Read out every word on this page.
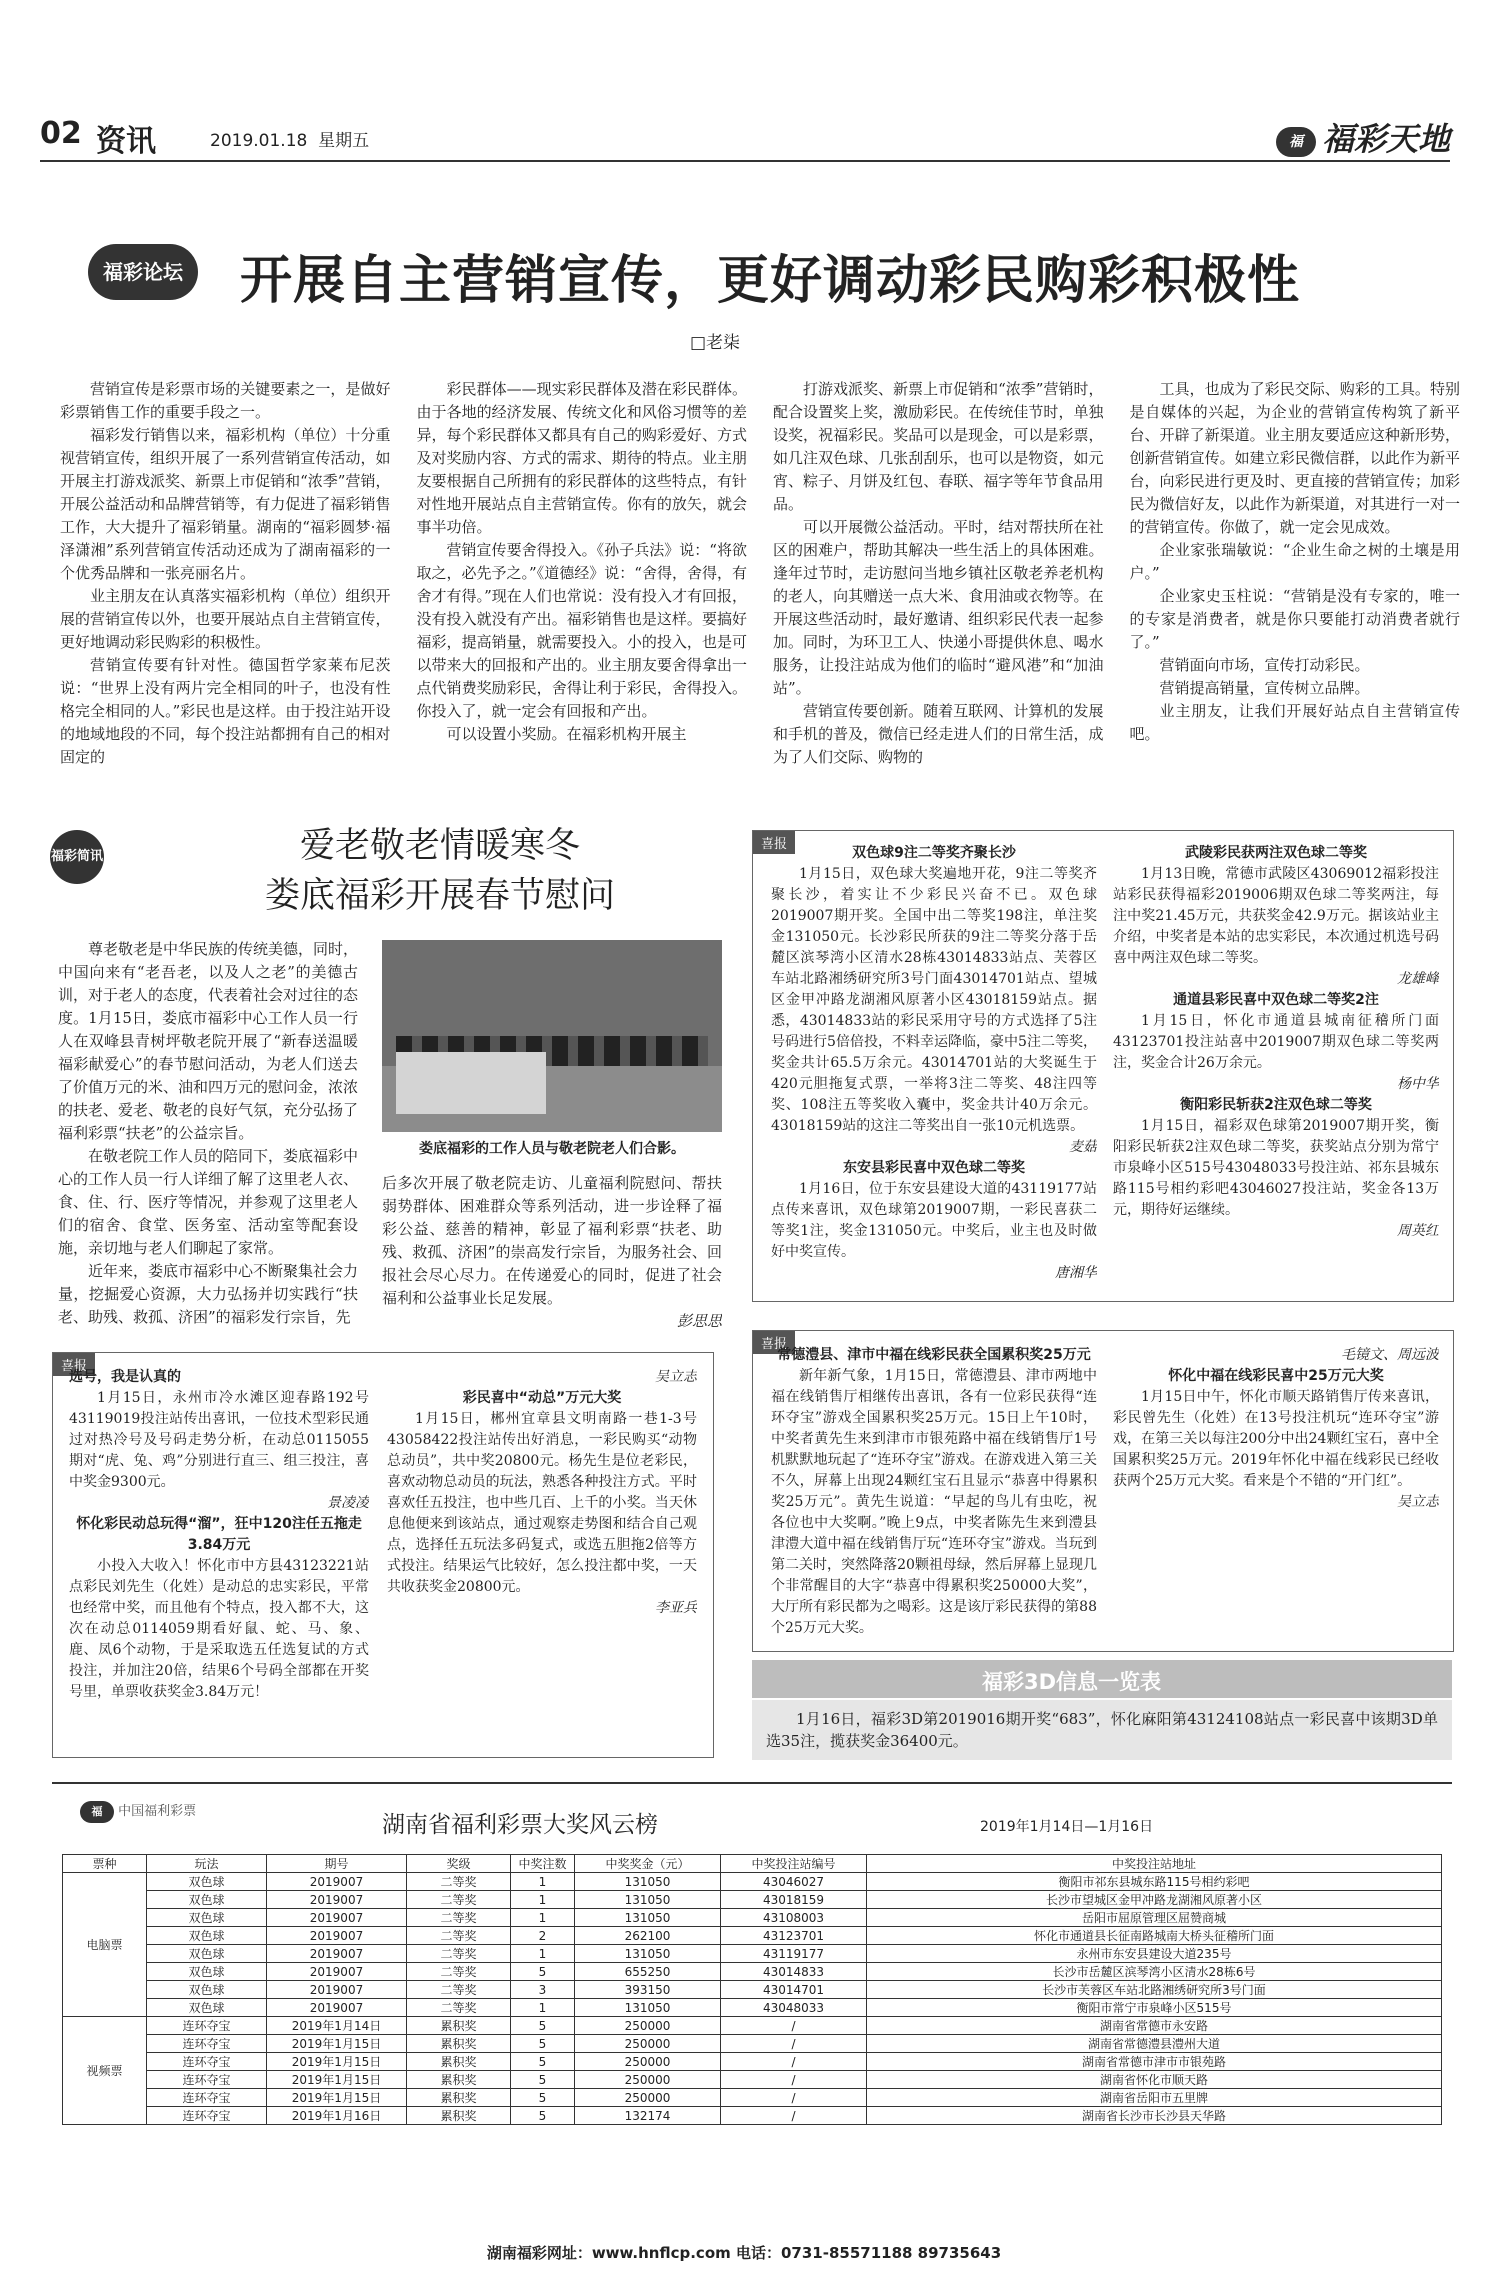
02 资讯	2019.01.18 星期五	福 福彩天地
福彩论坛 开展自主营销宣传，更好调动彩民购彩积极性
□老柒

营销宣传是彩票市场的关键要素之一，是做好彩票销售工作的重要手段之一。

福彩发行销售以来，福彩机构（单位）十分重视营销宣传，组织开展了一系列营销宣传活动，如开展主打游戏派奖、新票上市促销和“浓季”营销，开展公益活动和品牌营销等，有力促进了福彩销售工作，大大提升了福彩销量。湖南的“福彩圆梦·福泽潇湘”系列营销宣传活动还成为了湖南福彩的一个优秀品牌和一张亮丽名片。

业主朋友在认真落实福彩机构（单位）组织开展的营销宣传以外，也要开展站点自主营销宣传，更好地调动彩民购彩的积极性。

营销宣传要有针对性。德国哲学家莱布尼茨说：“世界上没有两片完全相同的叶子，也没有性格完全相同的人。”彩民也是这样。由于投注站开设的地域地段的不同，每个投注站都拥有自己的相对固定的

彩民群体——现实彩民群体及潜在彩民群体。由于各地的经济发展、传统文化和风俗习惯等的差异，每个彩民群体又都具有自己的购彩爱好、方式及对奖励内容、方式的需求、期待的特点。业主朋友要根据自己所拥有的彩民群体的这些特点，有针对性地开展站点自主营销宣传。你有的放矢，就会事半功倍。

营销宣传要舍得投入。《孙子兵法》说：“将欲取之，必先予之。”《道德经》说：“舍得，舍得，有舍才有得。”现在人们也常说：没有投入才有回报，没有投入就没有产出。福彩销售也是这样。要搞好福彩，提高销量，就需要投入。小的投入，也是可以带来大的回报和产出的。业主朋友要舍得拿出一点代销费奖励彩民，舍得让利于彩民，舍得投入。你投入了，就一定会有回报和产出。

可以设置小奖励。在福彩机构开展主

打游戏派奖、新票上市促销和“浓季”营销时，配合设置奖上奖，激励彩民。在传统佳节时，单独设奖，祝福彩民。奖品可以是现金，可以是彩票，如几注双色球、几张刮刮乐，也可以是物资，如元宵、粽子、月饼及红包、春联、福字等年节食品用品。

可以开展微公益活动。平时，结对帮扶所在社区的困难户，帮助其解决一些生活上的具体困难。逢年过节时，走访慰问当地乡镇社区敬老养老机构的老人，向其赠送一点大米、食用油或衣物等。在开展这些活动时，最好邀请、组织彩民代表一起参加。同时，为环卫工人、快递小哥提供休息、喝水服务，让投注站成为他们的临时“避风港”和“加油站”。

营销宣传要创新。随着互联网、计算机的发展和手机的普及，微信已经走进人们的日常生活，成为了人们交际、购物的

工具，也成为了彩民交际、购彩的工具。特别是自媒体的兴起，为企业的营销宣传构筑了新平台、开辟了新渠道。业主朋友要适应这种新形势，创新营销宣传。如建立彩民微信群，以此作为新平台，向彩民进行更及时、更直接的营销宣传；加彩民为微信好友，以此作为新渠道，对其进行一对一的营销宣传。你做了，就一定会见成效。

企业家张瑞敏说：“企业生命之树的土壤是用户。”

企业家史玉柱说：“营销是没有专家的，唯一的专家是消费者，就是你只要能打动消费者就行了。”

营销面向市场，宣传打动彩民。

营销提高销量，宣传树立品牌。

业主朋友，让我们开展好站点自主营销宣传吧。

福彩简讯	爱老敬老情暖寒冬
娄底福彩开展春节慰问

尊老敬老是中华民族的传统美德，同时，中国向来有“老吾老，以及人之老”的美德古训，对于老人的态度，代表着社会对过往的态度。1月15日，娄底市福彩中心工作人员一行人在双峰县青树坪敬老院开展了“新春送温暖 福彩献爱心”的春节慰问活动，为老人们送去了价值万元的米、油和四万元的慰问金，浓浓的扶老、爱老、敬老的良好气氛，充分弘扬了福利彩票“扶老”的公益宗旨。

在敬老院工作人员的陪同下，娄底福彩中心的工作人员一行人详细了解了这里老人衣、食、住、行、医疗等情况，并参观了这里老人们的宿舍、食堂、医务室、活动室等配套设施，亲切地与老人们聊起了家常。

近年来，娄底市福彩中心不断聚集社会力量，挖掘爱心资源，大力弘扬并切实践行“扶老、助残、救孤、济困”的福彩发行宗旨，先

娄底福彩的工作人员与敬老院老人们合影。

后多次开展了敬老院走访、儿童福利院慰问、帮扶弱势群体、困难群众等系列活动，进一步诠释了福彩公益、慈善的精神，彰显了福利彩票“扶老、助残、救孤、济困”的崇高发行宗旨，为服务社会、回报社会尽心尽力。在传递爱心的同时，促进了社会福利和公益事业长足发展。

彭思思

喜报

双色球9注二等奖齐聚长沙

1月15日，双色球大奖遍地开花，9注二等奖齐聚长沙，着实让不少彩民兴奋不已。双色球2019007期开奖。全国中出二等奖198注，单注奖金131050元。长沙彩民所获的9注二等奖分落于岳麓区滨琴湾小区清水28栋43014833站点、芙蓉区车站北路湘绣研究所3号门面43014701站点、望城区金甲冲路龙湖湘风原著小区43018159站点。据悉，43014833站的彩民采用守号的方式选择了5注号码进行5倍倍投，不料幸运降临，豪中5注二等奖，奖金共计65.5万余元。43014701站的大奖诞生于420元胆拖复式票，一举将3注二等奖、48注四等奖、108注五等奖收入囊中，奖金共计40万余元。43018159站的这注二等奖出自一张10元机选票。

麦菇

东安县彩民喜中双色球二等奖

1月16日，位于东安县建设大道的43119177站点传来喜讯，双色球第2019007期，一彩民喜获二等奖1注，奖金131050元。中奖后，业主也及时做好中奖宣传。

唐湘华

武陵彩民获两注双色球二等奖

1月13日晚，常德市武陵区43069012福彩投注站彩民获得福彩2019006期双色球二等奖两注，每注中奖21.45万元，共获奖金42.9万元。据该站业主介绍，中奖者是本站的忠实彩民，本次通过机选号码喜中两注双色球二等奖。

龙雄峰

通道县彩民喜中双色球二等奖2注

1月15日，怀化市通道县城南征稽所门面43123701投注站喜中2019007期双色球二等奖两注，奖金合计26万余元。

杨中华

衡阳彩民斩获2注双色球二等奖

1月15日，福彩双色球第2019007期开奖，衡阳彩民斩获2注双色球二等奖，获奖站点分别为常宁市泉峰小区515号43048033号投注站、祁东县城东路115号相约彩吧43046027投注站，奖金各13万元，期待好运继续。

周英红

喜报

选号，我是认真的

1月15日，永州市冷水滩区迎春路192号43119019投注站传出喜讯，一位技术型彩民通过对热冷号及号码走势分析，在动总0115055期对“虎、兔、鸡”分别进行直三、组三投注，喜中奖金9300元。

景凌凌

怀化彩民动总玩得“溜”，狂中120注任五拖走3.84万元

小投入大收入！怀化市中方县43123221站点彩民刘先生（化姓）是动总的忠实彩民，平常也经常中奖，而且他有个特点，投入都不大，这次在动总0114059期看好鼠、蛇、马、象、鹿、凤6个动物，于是采取选五任选复试的方式投注，并加注20倍，结果6个号码全部都在开奖号里，单票收获奖金3.84万元！

吴立志

彩民喜中“动总”万元大奖

1月15日，郴州宜章县文明南路一巷1-3号43058422投注站传出好消息，一彩民购买“动物总动员”，共中奖20800元。杨先生是位老彩民，喜欢动物总动员的玩法，熟悉各种投注方式。平时喜欢任五投注，也中些几百、上千的小奖。当天休息他便来到该站点，通过观察走势图和结合自己观点，选择任五玩法多码复式，或选五胆拖2倍等方式投注。结果运气比较好，怎么投注都中奖，一天共收获奖金20800元。

李亚兵

喜报

常德澧县、津市中福在线彩民获全国累积奖25万元

新年新气象，1月15日，常德澧县、津市两地中福在线销售厅相继传出喜讯，各有一位彩民获得“连环夺宝”游戏全国累积奖25万元。15日上午10时，中奖者黄先生来到津市市银苑路中福在线销售厅1号机默默地玩起了“连环夺宝”游戏。在游戏进入第三关不久，屏幕上出现24颗红宝石且显示“恭喜中得累积奖25万元”。黄先生说道：“早起的鸟儿有虫吃，祝各位也中大奖啊。”晚上9点，中奖者陈先生来到澧县津澧大道中福在线销售厅玩“连环夺宝”游戏。当玩到第二关时，突然降落20颗祖母绿，然后屏幕上显现几个非常醒目的大字“恭喜中得累积奖250000大奖”，大厅所有彩民都为之喝彩。这是该厅彩民获得的第88个25万元大奖。

毛镜文、周远波

怀化中福在线彩民喜中25万元大奖

1月15日中午，怀化市顺天路销售厅传来喜讯，彩民曾先生（化姓）在13号投注机玩“连环夺宝”游戏，在第三关以每注200分中出24颗红宝石，喜中全国累积奖25万元。2019年怀化中福在线彩民已经收获两个25万元大奖。看来是个不错的“开门红”。

吴立志

福彩3D信息一览表

1月16日，福彩3D第2019016期开奖“683”，怀化麻阳第43124108站点一彩民喜中该期3D单选35注，揽获奖金36400元。

福 中国福利彩票
湖南省福利彩票大奖风云榜	2019年1月14日—1月16日
票种	玩法	期号	奖级	中奖注数	中奖奖金（元）	中奖投注站编号	中奖投注站地址
电脑票	双色球	2019007	二等奖	1	131050	43046027	衡阳市祁东县城东路115号相约彩吧
	双色球	2019007	二等奖	1	131050	43018159	长沙市望城区金甲冲路龙湖湘风原著小区
	双色球	2019007	二等奖	1	131050	43108003	岳阳市屈原管理区屈赞商城
	双色球	2019007	二等奖	2	262100	43123701	怀化市通道县长征南路城南大桥头征稽所门面
	双色球	2019007	二等奖	1	131050	43119177	永州市东安县建设大道235号
	双色球	2019007	二等奖	5	655250	43014833	长沙市岳麓区滨琴湾小区清水28栋6号
	双色球	2019007	二等奖	3	393150	43014701	长沙市芙蓉区车站北路湘绣研究所3号门面
	双色球	2019007	二等奖	1	131050	43048033	衡阳市常宁市泉峰小区515号
视频票	连环夺宝	2019年1月14日	累积奖	5	250000	/	湖南省常德市永安路
	连环夺宝	2019年1月15日	累积奖	5	250000	/	湖南省常德澧县澧州大道
	连环夺宝	2019年1月15日	累积奖	5	250000	/	湖南省常德市津市市银苑路
	连环夺宝	2019年1月15日	累积奖	5	250000	/	湖南省怀化市顺天路
	连环夺宝	2019年1月15日	累积奖	5	250000	/	湖南省岳阳市五里牌
	连环夺宝	2019年1月16日	累积奖	5	132174	/	湖南省长沙市长沙县天华路
湖南福彩网址：www.hnflcp.com 电话：0731-85571188 89735643
